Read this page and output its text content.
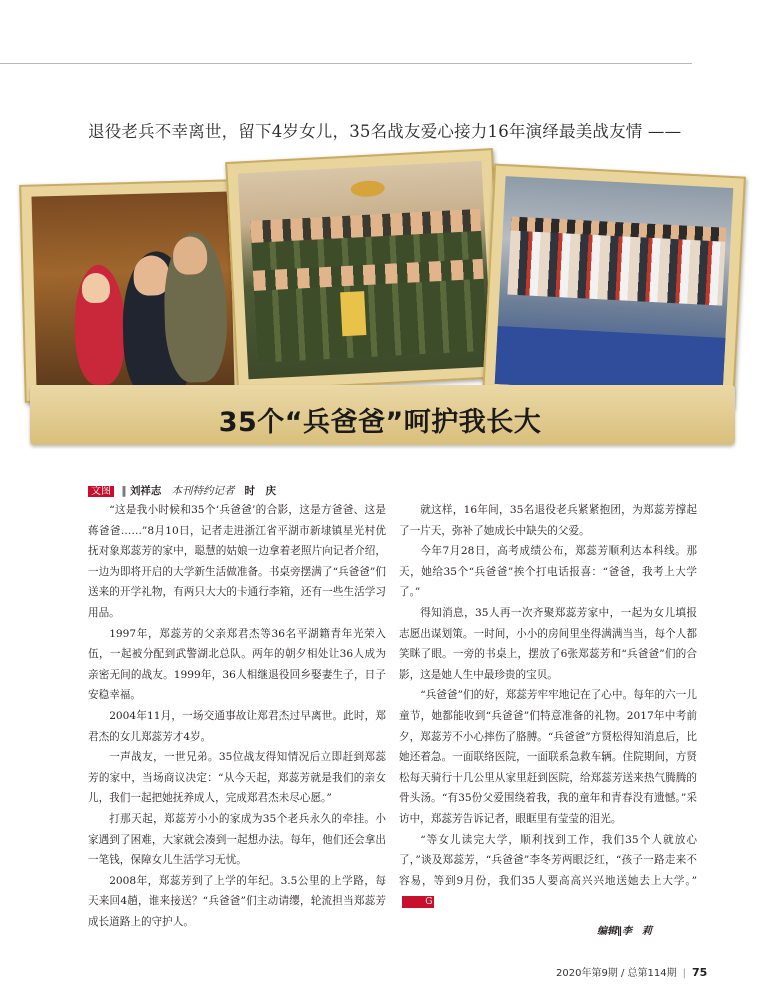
退役老兵不幸离世，留下4岁女儿，35名战友爱心接力16年演绎最美战友情 ——
35个“兵爸爸”呵护我长大
文图 ‖ 刘祥志 本刊特约记者 时　庆

“这是我小时候和35个‘兵爸爸’的合影，这是方爸爸、这是蒋爸爸……”8月10日，记者走进浙江省平湖市新埭镇星光村优抚对象郑蕊芳的家中，聪慧的姑娘一边拿着老照片向记者介绍，一边为即将开启的大学新生活做准备。书桌旁摆满了“兵爸爸”们送来的开学礼物，有两只大大的卡通行李箱，还有一些生活学习用品。

1997年，郑蕊芳的父亲郑君杰等36名平湖籍青年光荣入伍，一起被分配到武警湖北总队。两年的朝夕相处让36人成为亲密无间的战友。1999年，36人相继退役回乡娶妻生子，日子安稳幸福。

2004年11月，一场交通事故让郑君杰过早离世。此时，郑君杰的女儿郑蕊芳才4岁。

一声战友，一世兄弟。35位战友得知情况后立即赶到郑蕊芳的家中，当场商议决定：“从今天起，郑蕊芳就是我们的亲女儿，我们一起把她抚养成人，完成郑君杰未尽心愿。”

打那天起，郑蕊芳小小的家成为35个老兵永久的牵挂。小家遇到了困难，大家就会凑到一起想办法。每年，他们还会拿出一笔钱，保障女儿生活学习无忧。

2008年，郑蕊芳到了上学的年纪。3.5公里的上学路，每天来回4趟，谁来接送？“兵爸爸”们主动请缨，轮流担当郑蕊芳成长道路上的守护人。

就这样，16年间，35名退役老兵紧紧抱团，为郑蕊芳撑起了一片天，弥补了她成长中缺失的父爱。

今年7月28日，高考成绩公布，郑蕊芳顺利达本科线。那天，她给35个“兵爸爸”挨个打电话报喜：“爸爸，我考上大学了。”

得知消息，35人再一次齐聚郑蕊芳家中，一起为女儿填报志愿出谋划策。一时间，小小的房间里坐得满满当当，每个人都笑眯了眼。一旁的书桌上，摆放了6张郑蕊芳和“兵爸爸”们的合影，这是她人生中最珍贵的宝贝。

“兵爸爸”们的好，郑蕊芳牢牢地记在了心中。每年的六一儿童节，她都能收到“兵爸爸”们特意准备的礼物。2017年中考前夕，郑蕊芳不小心摔伤了胳膊。“兵爸爸”方贤松得知消息后，比她还着急。一面联络医院，一面联系急救车辆。住院期间，方贤松每天骑行十几公里从家里赶到医院，给郑蕊芳送来热气腾腾的骨头汤。“有35份父爱围绕着我，我的童年和青春没有遗憾。”采访中，郑蕊芳告诉记者，眼眶里有莹莹的泪光。

“等女儿读完大学，顺利找到工作，我们35个人就放心了，”谈及郑蕊芳，“兵爸爸”李冬芳两眼泛红，“孩子一路走来不容易，等到9月份，我们35人要高高兴兴地送她去上大学。”G

编辑∥李　莉
2020年第9期 / 总第114期 | 75
